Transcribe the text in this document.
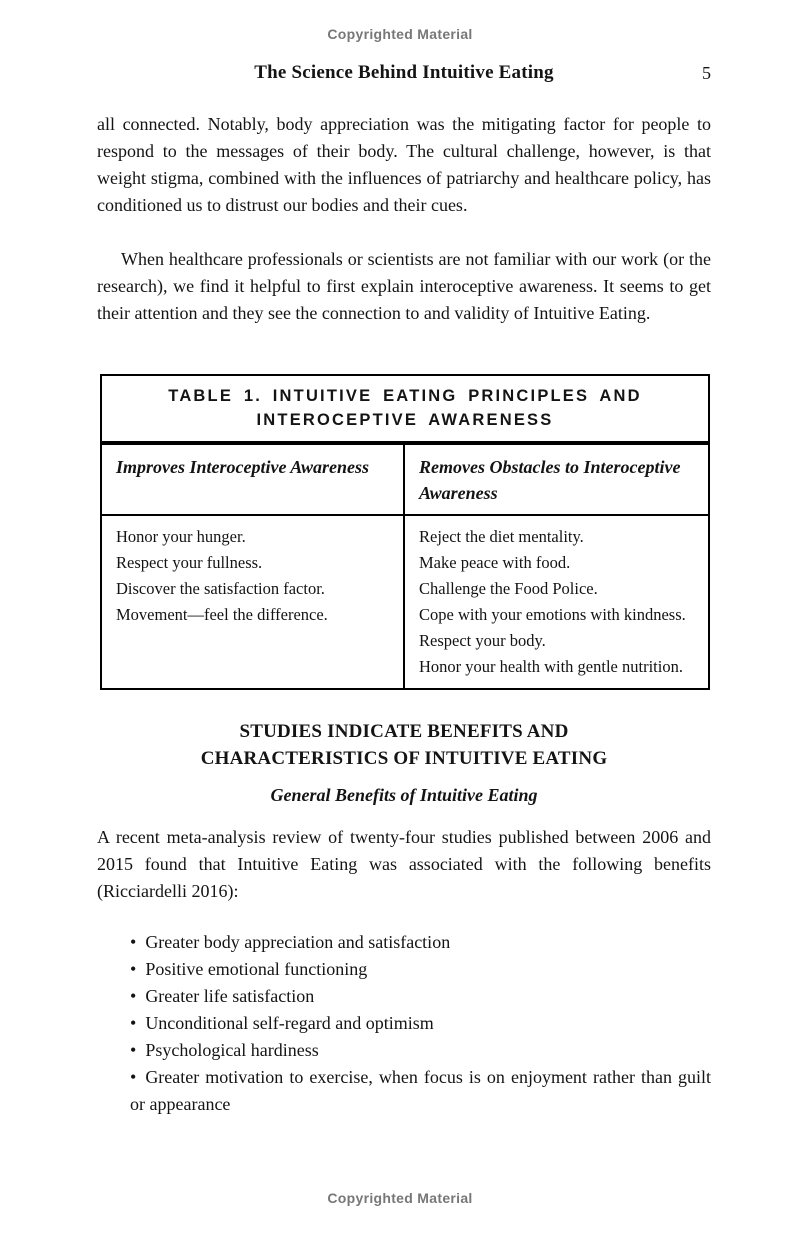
Copyrighted Material
The Science Behind Intuitive Eating	5

all connected. Notably, body appreciation was the mitigating factor for people to respond to the messages of their body. The cultural challenge, however, is that weight stigma, combined with the influences of patriarchy and healthcare policy, has conditioned us to distrust our bodies and their cues.

When healthcare professionals or scientists are not familiar with our work (or the research), we find it helpful to first explain interoceptive awareness. It seems to get their attention and they see the connection to and validity of Intuitive Eating.

TABLE 1. INTUITIVE EATING PRINCIPLES AND
INTEROCEPTIVE AWARENESS
Improves Interoceptive Awareness	Removes Obstacles to Interoceptive Awareness
Honor your hunger.
Respect your fullness.
Discover the satisfaction factor.
Movement—feel the difference.
Reject the diet mentality.
Make peace with food.
Challenge the Food Police.
Cope with your emotions with kindness.
Respect your body.
Honor your health with gentle nutrition.
STUDIES INDICATE BENEFITS AND
CHARACTERISTICS OF INTUITIVE EATING
General Benefits of Intuitive Eating

A recent meta-analysis review of twenty-four studies published between 2006 and 2015 found that Intuitive Eating was associated with the following benefits (Ricciardelli 2016):

• Greater body appreciation and satisfaction
• Positive emotional functioning
• Greater life satisfaction
• Unconditional self-regard and optimism
• Psychological hardiness
• Greater motivation to exercise, when focus is on enjoyment rather than guilt or appearance
Copyrighted Material
